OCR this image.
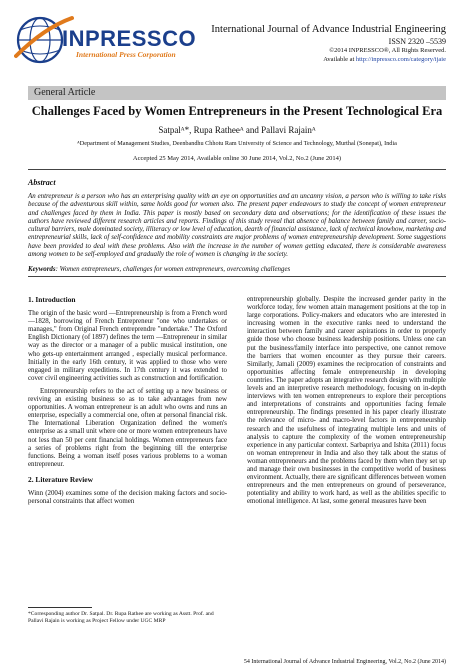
INPRESSCO
International Press Corporation
International Journal of Advance Industrial Engineering
ISSN 2320 –5539
©2014 INPRESSCO®, All Rights Reserved.
Available at http://inpressco.com/category/ijaie
General Article
Challenges Faced by Women Entrepreneurs in the Present Technological Era
Satpalᴬ*, Rupa Ratheeᴬ and Pallavi Rajainᴬ
ᴬDepartment of Management Studies, Deenbandhu Chhotu Ram University of Science and Technology, Murthal (Sonepat), India
Accepted 25 May 2014, Available online 30 June 2014, Vol.2, No.2 (June 2014)
Abstract
An entrepreneur is a person who has an enterprising quality with an eye on opportunities and an uncanny vision, a person who is willing to take risks because of the adventurous skill within, same holds good for women also. The present paper endeavours to study the concept of women entrepreneur and challenges faced by them in India. This paper is mostly based on secondary data and observations; for the identification of these issues the authors have reviewed different research articles and reports. Findings of this study reveal that absence of balance between family and career, socio-cultural barriers, male dominated society, illiteracy or low level of education, dearth of financial assistance, lack of technical knowhow, marketing and entrepreneurial skills, lack of self-confidence and mobility constraints are major problems of women entrepreneurship development. Some suggestions have been provided to deal with these problems. Also with the increase in the number of women getting educated, there is considerable awareness among women to be self-employed and gradually the role of women is changing in the society.
Keywords: Women entrepreneurs, challenges for women entrepreneurs, overcoming challenges
1. Introduction

The origin of the basic word ―Entrepreneurship is from a French word ―1828, borrowing of French Entrepreneur "one who undertakes or manages," from Original French entreprendre "undertake." The Oxford English Dictionary (of 1897) defines the term ―Entrepreneur in similar way as the director or a manager of a public musical institution, one who gets-up entertainment arranged , especially musical performance. Initially in the early 16th century, it was applied to those who were engaged in military expeditions. In 17th century it was extended to cover civil engineering activities such as construction and fortification.

Entrepreneurship refers to the act of setting up a new business or reviving an existing business so as to take advantages from new opportunities. A woman entrepreneur is an adult who owns and runs an enterprise, especially a commercial one, often at personal financial risk. The International Liberation Organization defined the women's enterprise as a small unit where one or more women entrepreneurs have not less than 50 per cent financial holdings. Women entrepreneurs face a series of problems right from the beginning till the enterprise functions. Being a woman itself poses various problems to a woman entrepreneur.

2. Literature Review

Winn (2004) examines some of the decision making factors and socio-personal constraints that affect women

entrepreneurship globally. Despite the increased gender parity in the workforce today, few women attain management positions at the top in large corporations. Policy-makers and educators who are interested in increasing women in the executive ranks need to understand the interaction between family and career aspirations in order to properly guide those who choose business leadership positions. Unless one can put the business/family interface into perspective, one cannot remove the barriers that women encounter as they pursue their careers. Similarly, Jamali (2009) examines the reciprocation of constraints and opportunities affecting female entrepreneurship in developing countries. The paper adopts an integrative research design with multiple levels and an interpretive research methodology, focusing on in-depth interviews with ten women entrepreneurs to explore their perceptions and interpretations of constraints and opportunities facing female entrepreneurship. The findings presented in his paper clearly illustrate the relevance of micro- and macro-level factors in entrepreneurship research and the usefulness of integrating multiple lens and units of analysis to capture the complexity of the women entrepreneurship experience in any particular context. Sarbapriya and Ishita (2011) focus on woman entrepreneur in India and also they talk about the status of woman entrepreneurs and the problems faced by them when they set up and manage their own businesses in the competitive world of business environment. Actually, there are significant differences between women entrepreneurs and the men entrepreneurs on ground of perseverance, potentiality and ability to work hard, as well as the abilities specific to emotional intelligence. At last, some general measures have been

*Corresponding author Dr. Satpal. Dr. Rupa Rathee are working as Asstt. Prof. and Pallavi Rajain is working as Project Fellow under UGC MRP
54 International Journal of Advance Industrial Engineering, Vol.2, No.2 (June 2014)
